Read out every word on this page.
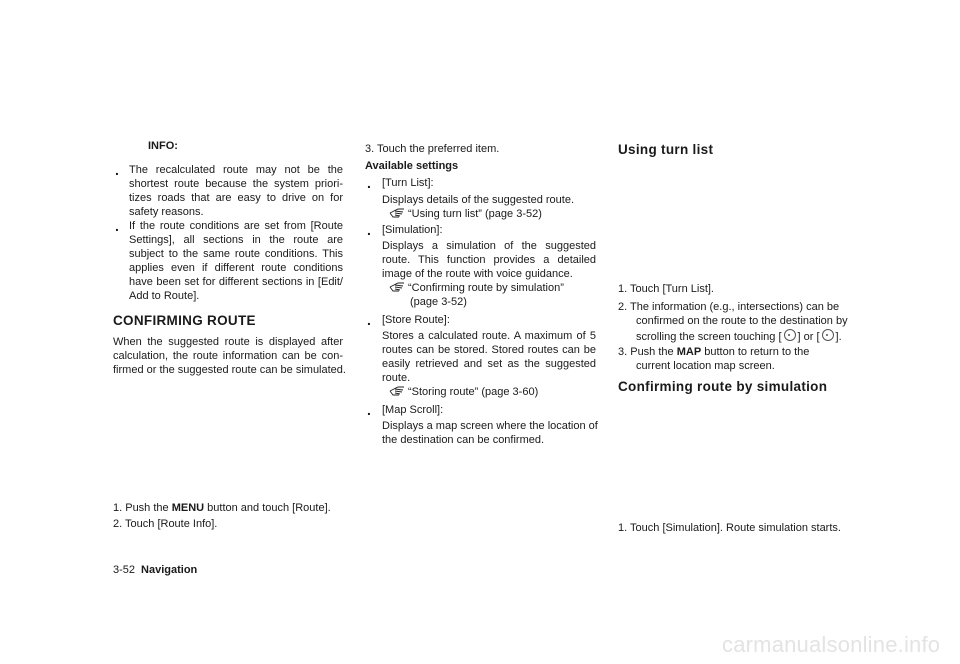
INFO:
. The recalculated route may not be the
shortest route because the system priori-
tizes roads that are easy to drive on for
safety reasons.
. If the route conditions are set from [Route
Settings], all sections in the route are
subject to the same route conditions. This
applies even if different route conditions
have been set for different sections in [Edit/
Add to Route].
CONFIRMING ROUTE
When the suggested route is displayed after
calculation, the route information can be con-
firmed or the suggested route can be simulated.
1. Push the MENU button and touch [Route].
2. Touch [Route Info].
3. Touch the preferred item.
Available settings
. [Turn List]:
Displays details of the suggested route.
“Using turn list” (page 3-52)
. [Simulation]:
Displays a simulation of the suggested
route. This function provides a detailed
image of the route with voice guidance.
“Confirming route by simulation”
(page 3-52)
. [Store Route]:
Stores a calculated route. A maximum of 5
routes can be stored. Stored routes can be
easily retrieved and set as the suggested
route.
“Storing route” (page 3-60)
. [Map Scroll]:
Displays a map screen where the location of
the destination can be confirmed.
Using turn list
1. Touch [Turn List].
2. The information (e.g., intersections) can be
confirmed on the route to the destination by
scrolling the screen touching [ ] or [ ].
3. Push the MAP button to return to the
current location map screen.
Confirming route by simulation
1. Touch [Simulation]. Route simulation starts.
3-52 Navigation
carmanualsonline.info
